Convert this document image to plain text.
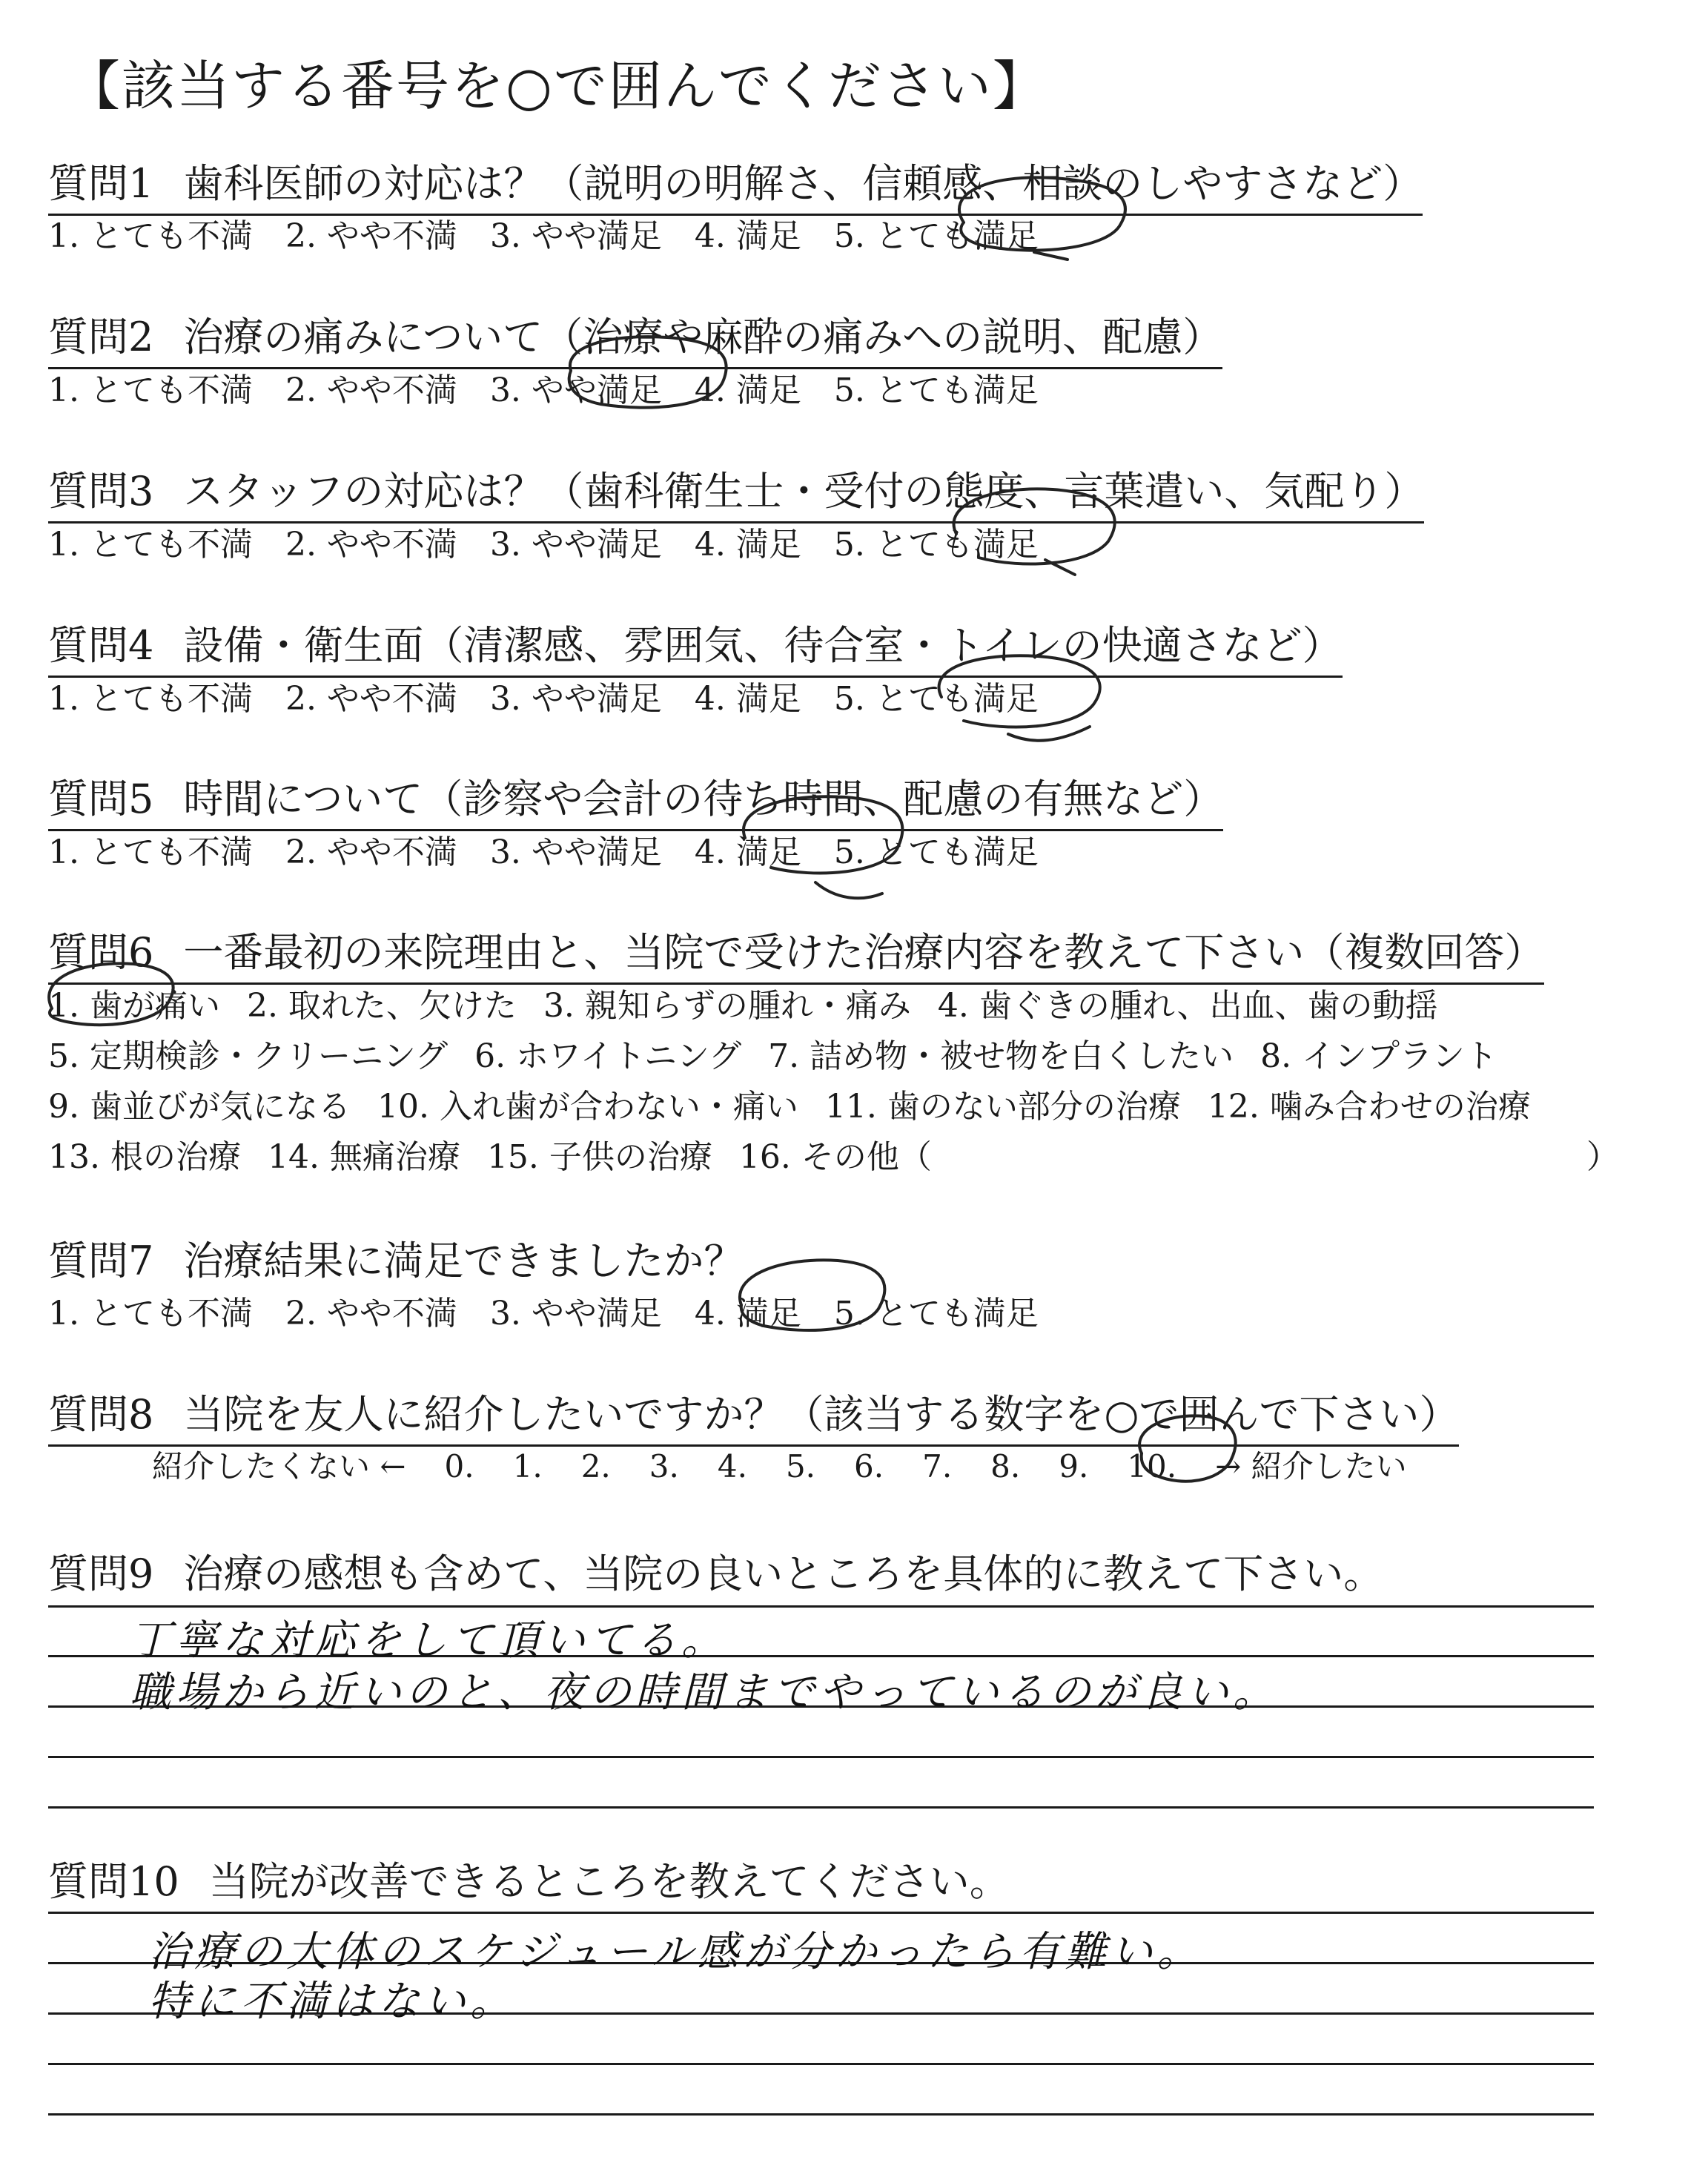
【該当する番号を○で囲んでください】
質問1 歯科医師の対応は？（説明の明解さ、信頼感、相談のしやすさなど）
1. とても不満 2. やや不満 3. やや満足 4. 満足 5. とても満足
質問2 治療の痛みについて（治療や麻酔の痛みへの説明、配慮）
1. とても不満 2. やや不満 3. やや満足 4. 満足 5. とても満足
質問3 スタッフの対応は？（歯科衛生士・受付の態度、言葉遣い、気配り）
1. とても不満 2. やや不満 3. やや満足 4. 満足 5. とても満足
質問4 設備・衛生面（清潔感、雰囲気、待合室・トイレの快適さなど）
1. とても不満 2. やや不満 3. やや満足 4. 満足 5. とても満足
質問5 時間について（診察や会計の待ち時間、配慮の有無など）
1. とても不満 2. やや不満 3. やや満足 4. 満足 5. とても満足
質問6 一番最初の来院理由と、当院で受けた治療内容を教えて下さい（複数回答）
1. 歯が痛い 2. 取れた、欠けた 3. 親知らずの腫れ・痛み 4. 歯ぐきの腫れ、出血、歯の動揺
5. 定期検診・クリーニング 6. ホワイトニング 7. 詰め物・被せ物を白くしたい 8. インプラント
9. 歯並びが気になる 10. 入れ歯が合わない・痛い 11. 歯のない部分の治療 12. 噛み合わせの治療
13. 根の治療 14. 無痛治療 15. 子供の治療 16. その他（	）
質問7 治療結果に満足できましたか？
1. とても不満 2. やや不満 3. やや満足 4. 満足 5. とても満足
質問8 当院を友人に紹介したいですか？（該当する数字を○で囲んで下さい）
紹介したくない ← 0. 1. 2. 3. 4. 5. 6. 7. 8. 9. 10. → 紹介したい
質問9 治療の感想も含めて、当院の良いところを具体的に教えて下さい。
丁寧な対応をして頂いてる。
職場から近いのと、夜の時間までやっているのが良い。
質問10 当院が改善できるところを教えてください。
治療の大体のスケジュール感が分かったら有難い。
特に不満はない。
